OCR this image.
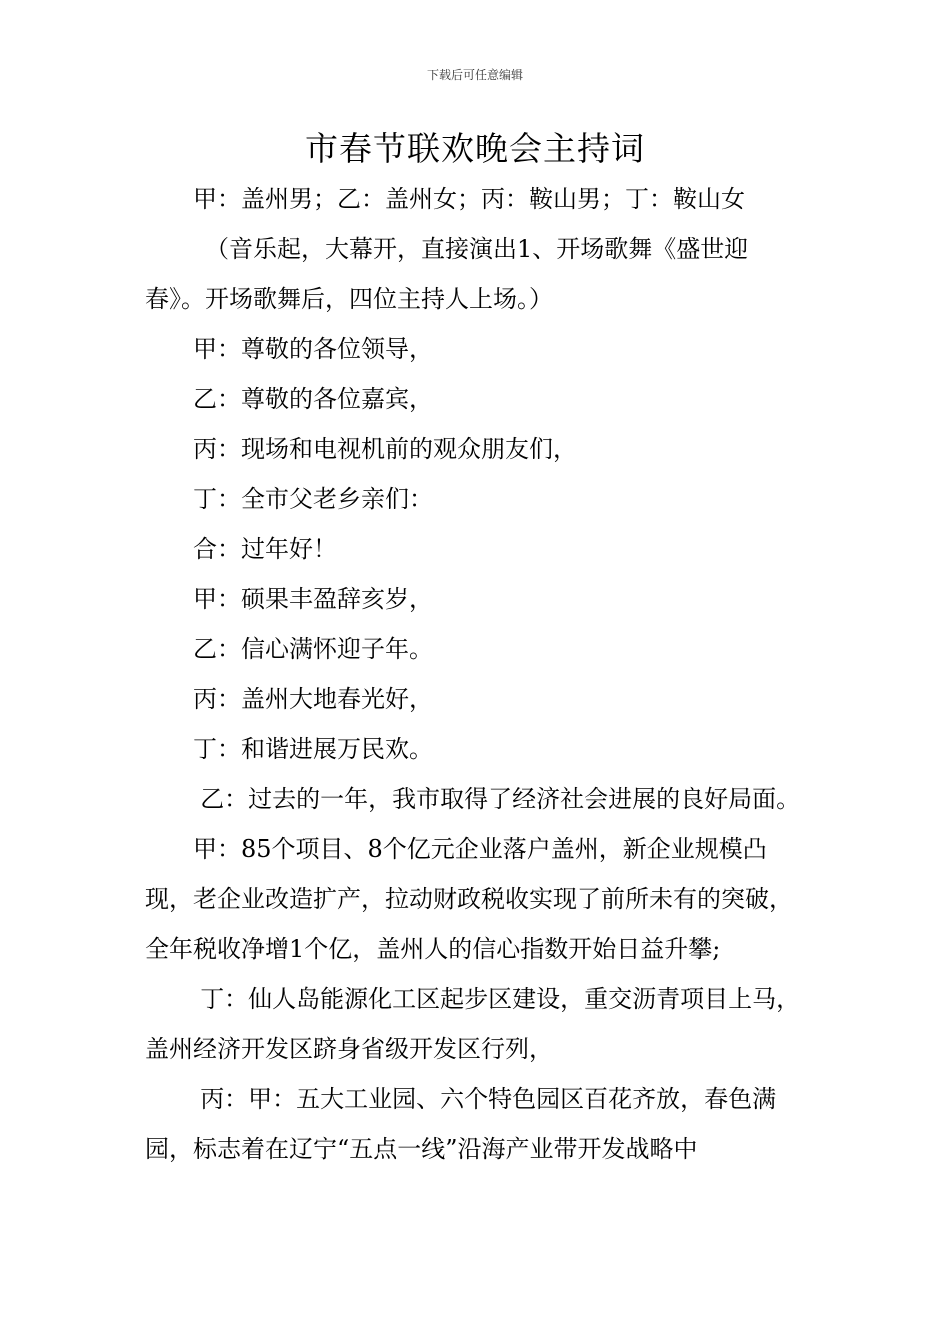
下载后可任意编辑
市春节联欢晚会主持词

甲：盖州男；乙：盖州女；丙：鞍山男；丁：鞍山女

（音乐起，大幕开，直接演出1、开场歌舞《盛世迎春》。开场歌舞后，四位主持人上场。）

甲：尊敬的各位领导，

乙：尊敬的各位嘉宾，

丙：现场和电视机前的观众朋友们，

丁：全市父老乡亲们：

合：过年好！

甲：硕果丰盈辞亥岁，

乙：信心满怀迎子年。

丙：盖州大地春光好，

丁：和谐进展万民欢。

乙：过去的一年，我市取得了经济社会进展的良好局面。

甲：85个项目、8个亿元企业落户盖州，新企业规模凸现，老企业改造扩产，拉动财政税收实现了前所未有的突破，全年税收净增1个亿，盖州人的信心指数开始日益升攀;

丁：仙人岛能源化工区起步区建设，重交沥青项目上马，盖州经济开发区跻身省级开发区行列，

丙：甲：五大工业园、六个特色园区百花齐放，春色满园，标志着在辽宁“五点一线”沿海产业带开发战略中
